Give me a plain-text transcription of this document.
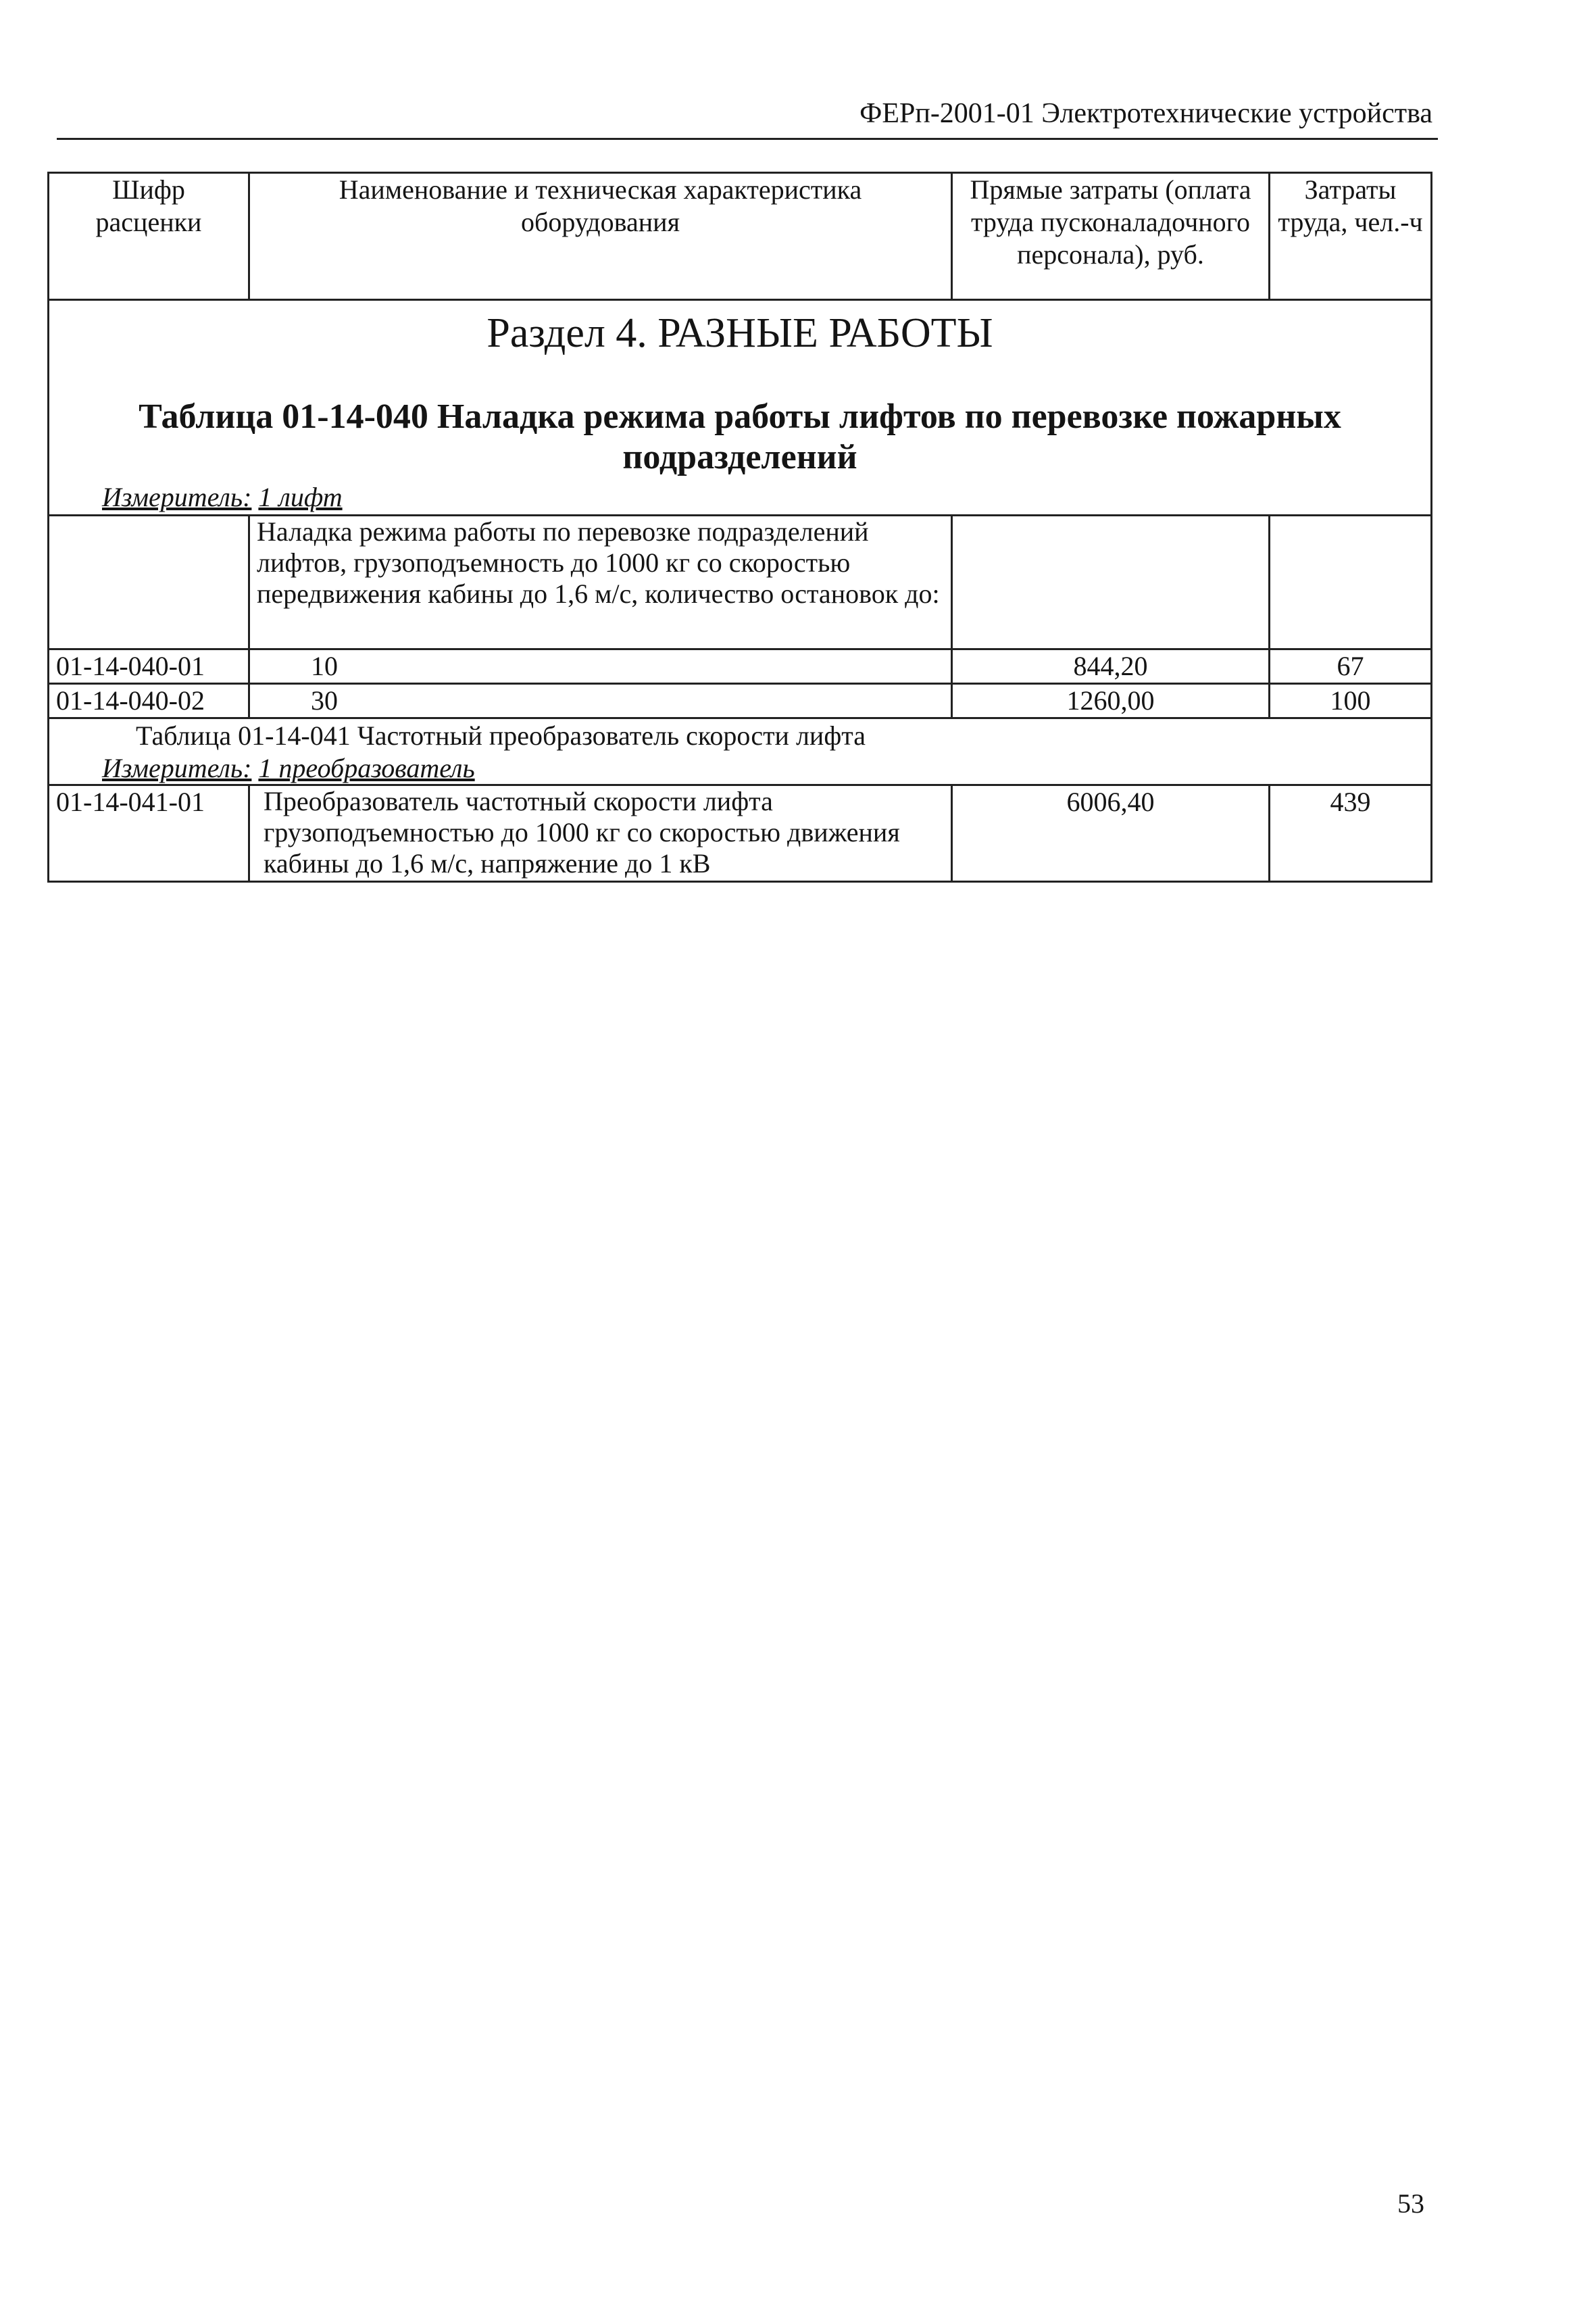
ФЕРп-2001-01 Электротехнические устройства
Шифр расценки	Наименование и техническая характеристика оборудования	Прямые затраты (оплата труда пусконаладочного персонала), руб.	Затраты труда, чел.-ч

Раздел 4. РАЗНЫЕ РАБОТЫ
Таблица 01-14-040 Наладка режима работы лифтов по перевозке пожарных подразделений
Измеритель: 1 лифт			

	Наладка режима работы по перевозке подразделений лифтов, грузоподъемность до 1000 кг со скоростью передвижения кабины до 1,6 м/с, количество остановок до:		

01-14-040-01	10	844,20	67
01-14-040-02	30	1260,00	100

Таблица 01-14-041 Частотный преобразователь скорости лифта
Измеритель: 1 преобразователь			

01-14-041-01	Преобразователь частотный скорости лифта грузоподъемностью до 1000 кг со скоростью движения кабины до 1,6 м/с, напряжение до 1 кВ	6006,40	439
53
